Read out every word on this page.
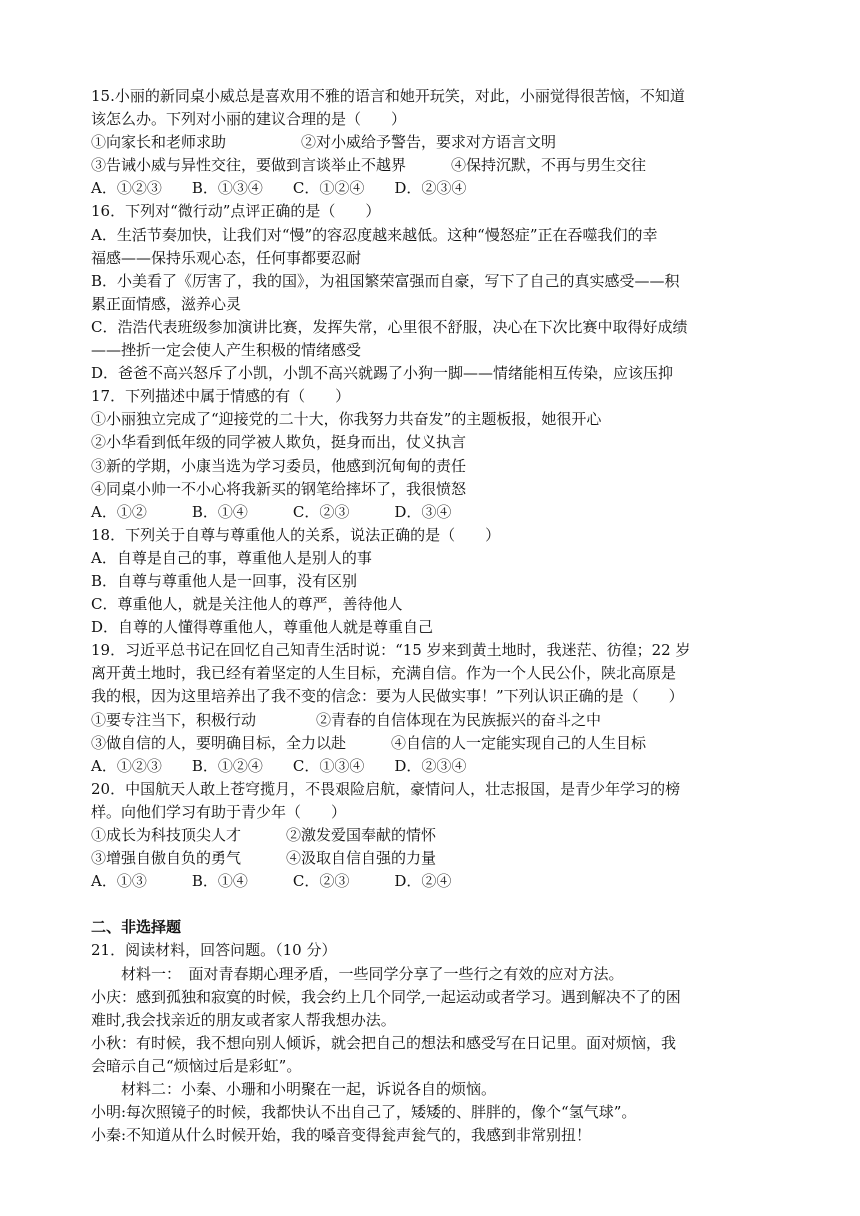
15.小丽的新同桌小威总是喜欢用不雅的语言和她开玩笑，对此，小丽觉得很苦恼，不知道
该怎么办。下列对小丽的建议合理的是（　　）
①向家长和老师求助　　　　　②对小威给予警告，要求对方语言文明
③告诫小威与异性交往，要做到言谈举止不越界　　　④保持沉默，不再与男生交往
A．①②③　　B．①③④　　C．①②④　　D．②③④
16．下列对“微行动”点评正确的是（　　）
A．生活节奏加快，让我们对“慢”的容忍度越来越低。这种“慢怒症”正在吞噬我们的幸
福感——保持乐观心态，任何事都要忍耐
B．小美看了《厉害了，我的国》，为祖国繁荣富强而自豪，写下了自己的真实感受——积
累正面情感，滋养心灵
C．浩浩代表班级参加演讲比赛，发挥失常，心里很不舒服，决心在下次比赛中取得好成绩
——挫折一定会使人产生积极的情绪感受
D．爸爸不高兴怒斥了小凯，小凯不高兴就踢了小狗一脚——情绪能相互传染，应该压抑
17．下列描述中属于情感的有（　　）
①小丽独立完成了“迎接党的二十大，你我努力共奋发”的主题板报，她很开心
②小华看到低年级的同学被人欺负，挺身而出，仗义执言
③新的学期，小康当选为学习委员，他感到沉甸甸的责任
④同桌小帅一不小心将我新买的钢笔给摔坏了，我很愤怒
A．①②　　　B．①④　　　C．②③　　　D．③④
18．下列关于自尊与尊重他人的关系，说法正确的是（　　）
A．自尊是自己的事，尊重他人是别人的事
B．自尊与尊重他人是一回事，没有区别
C．尊重他人，就是关注他人的尊严，善待他人
D．自尊的人懂得尊重他人，尊重他人就是尊重自己
19．习近平总书记在回忆自己知青生活时说：“15 岁来到黄土地时，我迷茫、彷徨；22 岁
离开黄土地时，我已经有着坚定的人生目标，充满自信。作为一个人民公仆，陕北高原是
我的根，因为这里培养出了我不变的信念：要为人民做实事！”下列认识正确的是（　　）
①要专注当下，积极行动　　　　②青春的自信体现在为民族振兴的奋斗之中
③做自信的人，要明确目标，全力以赴　　　④自信的人一定能实现自己的人生目标
A．①②③　　B．①②④　　C．①③④　　D．②③④
20．中国航天人敢上苍穹揽月，不畏艰险启航，豪情问人，壮志报国，是青少年学习的榜
样。向他们学习有助于青少年（　　）
①成长为科技顶尖人才　　　②激发爱国奉献的情怀
③增强自傲自负的勇气　　　④汲取自信自强的力量
A．①③　　　B．①④　　　C．②③　　　D．②④
二、非选择题
21．阅读材料，回答问题。（10 分）
材料一：　面对青春期心理矛盾，一些同学分享了一些行之有效的应对方法。
小庆：感到孤独和寂寞的时候，我会约上几个同学,一起运动或者学习。遇到解决不了的困
难时,我会找亲近的朋友或者家人帮我想办法。
小秋：有时候，我不想向别人倾诉，就会把自己的想法和感受写在日记里。面对烦恼，我
会暗示自己“烦恼过后是彩虹”。
材料二：小秦、小珊和小明聚在一起，诉说各自的烦恼。
小明:每次照镜子的时候，我都快认不出自己了，矮矮的、胖胖的，像个“氢气球”。
小秦:不知道从什么时候开始，我的嗓音变得瓮声瓮气的，我感到非常别扭！
